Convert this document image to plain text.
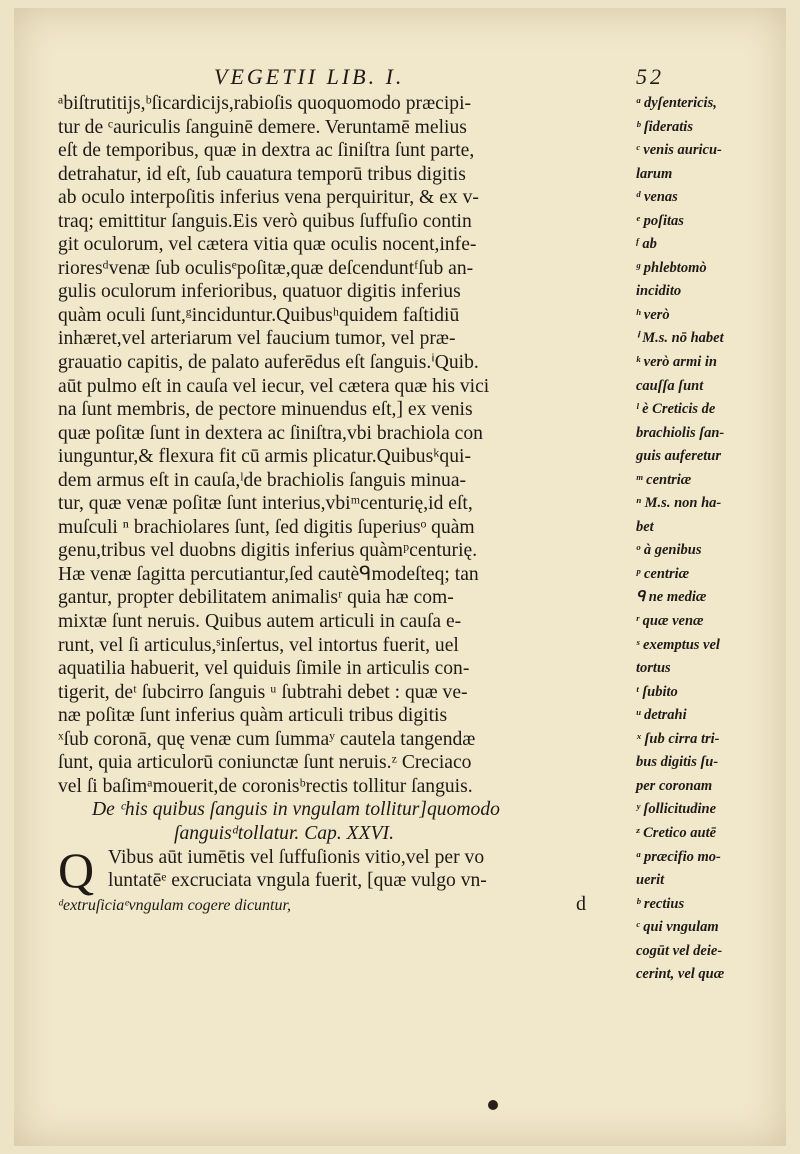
VEGETII LIB. I.	52
ᵃbiſtrutitijs,ᵇſicardicijs,rabioſis quoquomodo præcipi-
tur de ᶜauriculis ſanguinē demere. Veruntamē melius
eſt de temporibus, quæ in dextra ac ſiniſtra ſunt parte,
detrahatur, id eſt, ſub cauatura temporū tribus digitis
ab oculo interpoſitis inferius vena perquiritur, & ex v-
traq; emittitur ſanguis.Eis verò quibus ſuffuſio contin
git oculorum, vel cætera vitia quæ oculis nocent,infe-
rioresᵈvenæ ſub oculisᵉpoſitæ,quæ deſcenduntᶠſub an-
gulis oculorum inferioribus, quatuor digitis inferius
quàm oculi ſunt,ᵍinciduntur.Quibusʰquidem faſtidiū
inhæret,vel arteriarum vel faucium tumor, vel præ-
grauatio capitis, de palato auferēdus eſt ſanguis.ⁱQuib.
aūt pulmo eſt in cauſa vel iecur, vel cætera quæ his vici
na ſunt membris, de pectore minuendus eſt,] ex venis
quæ poſitæ ſunt in dextera ac ſiniſtra,vbi brachiola con
iunguntur,& flexura fit cū armis plicatur.Quibusᵏqui-
dem armus eſt in cauſa,ˡde brachiolis ſanguis minua-
tur, quæ venæ poſitæ ſunt interius,vbiᵐcenturię,id eſt,
muſculi ⁿ brachiolares ſunt, ſed digitis ſuperiusᵒ quàm
genu,tribus vel duobns digitis inferius quàmᵖcenturię.
Hæ venæ ſagitta percutiantur,ſed cautèᑫmodeſteq; tan
gantur, propter debilitatem animalisʳ quia hæ com-
mixtæ ſunt neruis. Quibus autem articuli in cauſa e-
runt, vel ſi articulus,ˢinſertus, vel intortus fuerit, uel
aquatilia habuerit, vel quiduis ſimile in articulis con-
tigerit, deᵗ ſubcirro ſanguis ᵘ ſubtrahi debet : quæ ve-
næ poſitæ ſunt inferius quàm articuli tribus digitis
ˣſub coronā, quę venæ cum ſummaʸ cautela tangendæ
ſunt, quia articulorū coniunctæ ſunt neruis.ᶻ Creciaco
vel ſi baſimᵃmouerit,de coronisᵇrectis tollitur ſanguis.
De ᶜhis quibus ſanguis in vngulam tollitur]quomodo
ſanguisᵈtollatur. Cap. XXVI.
Q Vibus aūt iumētis vel ſuffuſionis vitio,vel per vo
luntatēᵉ excruciata vngula fuerit, [quæ vulgo vn-
ᵈextruſiciaᵉvngulam cogere dicuntur,	d
ᵃ dyſentericis,
ᵇ ſideratis
ᶜ venis auricu-
larum
ᵈ venas
ᵉ poſitas
ᶠ ab
ᵍ phlebtomò
incidito
ʰ verò
ⁱ M.s. nō habet
ᵏ verò armi in
cauſſa ſunt
ˡ è Creticis de
brachiolis ſan-
guis auferetur
ᵐ centriæ
ⁿ M.s. non ha-
bet
ᵒ à genibus
ᵖ centriæ
ᑫ ne mediæ
ʳ quæ venæ
ˢ exemptus vel
tortus
ᵗ ſubito
ᵘ detrahi
ˣ ſub cirra tri-
bus digitis ſu-
per coronam
ʸ ſollicitudine
ᶻ Cretico autē
ᵃ præcifio mo-
uerit
ᵇ rectius
ᶜ qui vngulam
cogūt vel deie-
cerint, vel quæ
